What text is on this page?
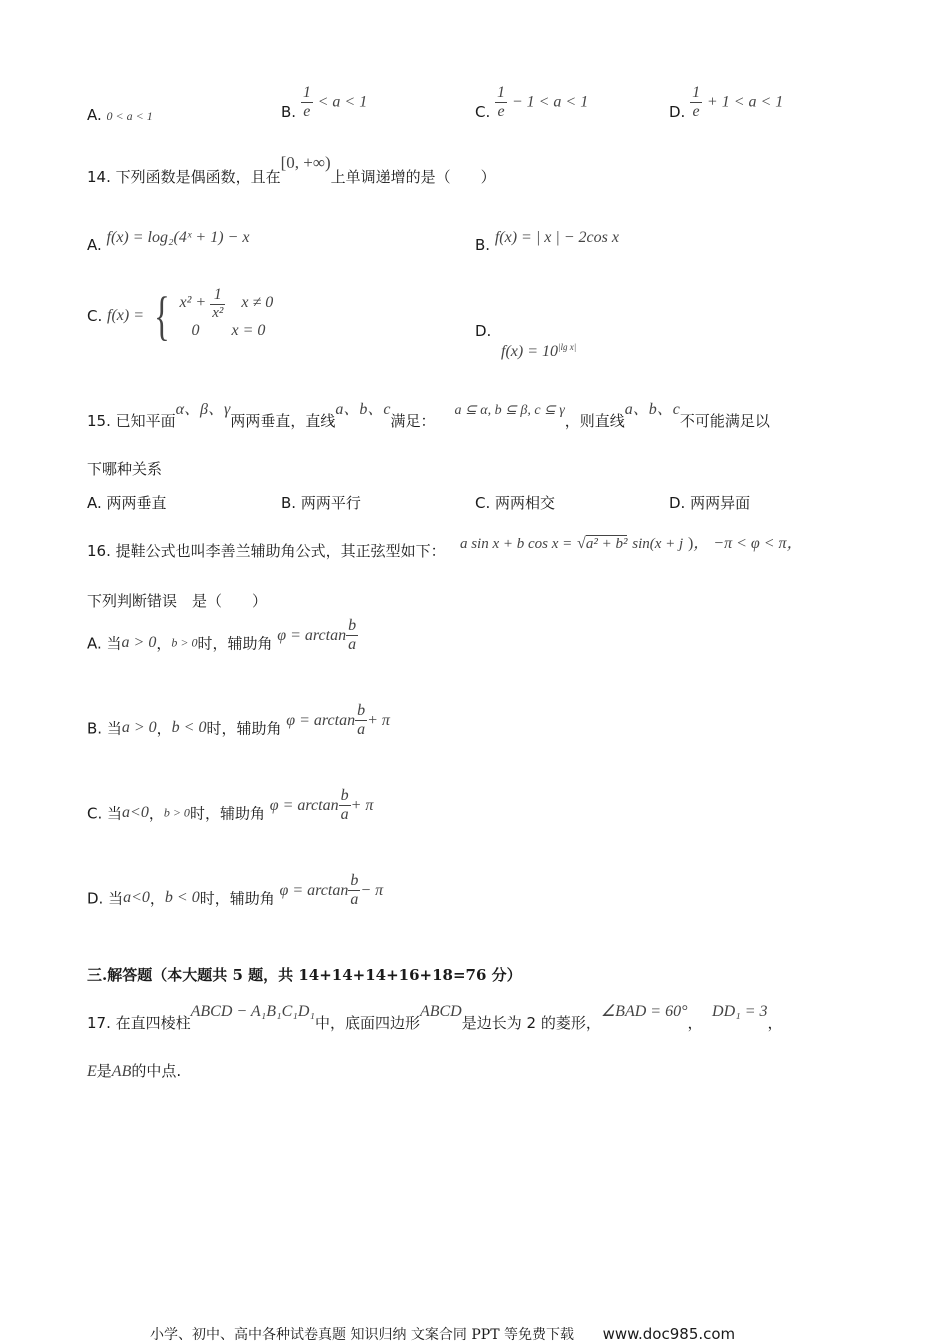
A. 0 < a < 1	B. $\frac{1}{e} < a < 1$
C. $\frac{1}{e} - 1 < a < 1$
D. $\frac{1}{e} + 1 < a < 1$
14. 下列函数是偶函数，且在[0, +∞)上单调递增的是（　　）
A. f(x) = log₂(4ˣ + 1) − x	B. f(x) = | x | − 2cos x
C. f(x) = { $x^2 + \frac{1}{\text{x²}}$ x ≠ 0
0 x = 0	D.
$f(x) = 10^{|lg x|}$
15. 已知平面α、β、γ两两垂直，直线a、b、c满足：    a ⊆ α, b ⊆ β, c ⊆ γ，则直线a、b、c不可能满足以
下哪种关系
A. 两两垂直	B. 两两平行	C. 两两相交	D. 两两异面
16. 提鞋公式也叫李善兰辅助角公式，其正弦型如下： a sin x + b cos x = √a² + b² sin(x + j )， −π < φ < π，
下列判断错误　是（　　）
A. 当a > 0，b > 0时，辅助角 $\varphi = \arctan \frac{b}{a}$
B. 当a > 0，b < 0时，辅助角 $\varphi = \arctan \frac{b}{a} + \pi$
C. 当a<0，b > 0时，辅助角 $\varphi = \arctan \frac{b}{a} + \pi$
D. 当a<0，b < 0时，辅助角 $\varphi = \arctan \frac{b}{a} - \pi$
三.解答题（本大题共 5 题，共 14+14+14+16+18=76 分）
17. 在直四棱柱ABCD − A₁B₁C₁D₁中，底面四边形ABCD是边长为 2 的菱形，∠BAD = 60°，  DD₁ = 3，
E是AB的中点.
小学、初中、高中各种试卷真题 知识归纳 文案合同 PPT 等免费下载 www.doc985.com
